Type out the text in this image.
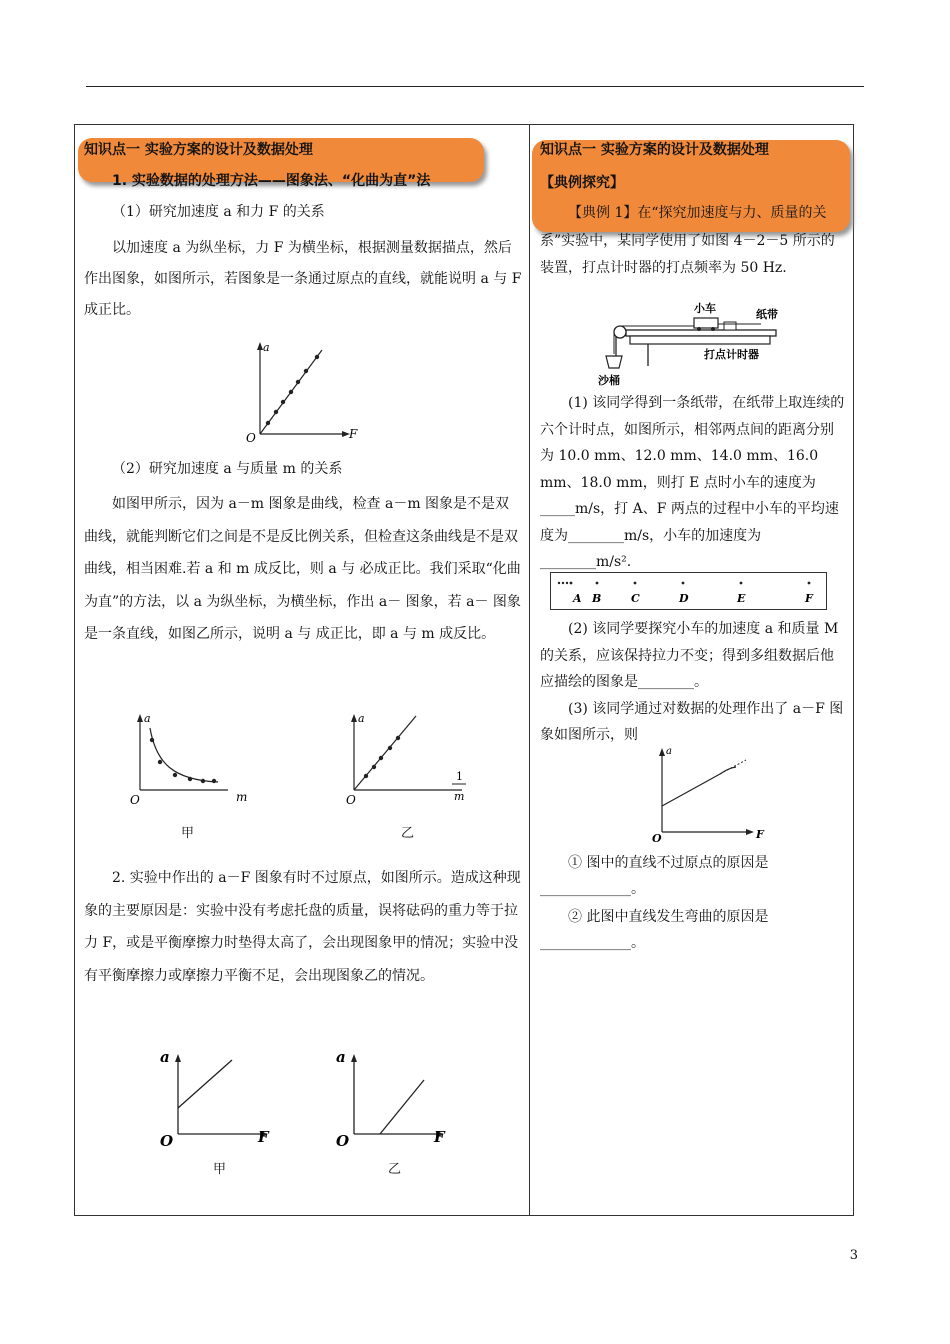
知识点一 实验方案的设计及数据处理

1. 实验数据的处理方法——图象法、“化曲为直”法

（1）研究加速度 a 和力 F 的关系

以加速度 a 为纵坐标，力 F 为横坐标，根据测量数据描点，然后作出图象，如图所示，若图象是一条通过原点的直线，就能说明 a 与 F 成正比。

（2）研究加速度 a 与质量 m 的关系

如图甲所示，因为 a－m 图象是曲线，检查 a－m 图象是不是双曲线，就能判断它们之间是不是反比例关系，但检查这条曲线是不是双曲线，相当困难.若 a 和 m 成反比，则 a 与 必成正比。我们采取“化曲为直”的方法，以 a 为纵坐标，为横坐标，作出 a－ 图象，若 a－ 图象是一条直线，如图乙所示，说明 a 与 成正比，即 a 与 m 成反比。

2. 实验中作出的 a－F 图象有时不过原点，如图所示。造成这种现象的主要原因是：实验中没有考虑托盘的质量，误将砝码的重力等于拉力 F，或是平衡摩擦力时垫得太高了，会出现图象甲的情况；实验中没有平衡摩擦力或摩擦力平衡不足，会出现图象乙的情况。

a
O	F
a
O	m
甲
a
O
1
m
乙
a
O	F
甲
a
O	F
乙

知识点一 实验方案的设计及数据处理

【典例探究】

【典例 1】在“探究加速度与力、质量的关系”实验中，某同学使用了如图 4－2－5 所示的装置，打点计时器的打点频率为 50 Hz.

小车	纸带
打点计时器
沙桶

(1) 该同学得到一条纸带，在纸带上取连续的六个计时点，如图所示，相邻两点间的距离分别为 10.0 mm、12.0 mm、14.0 mm、16.0 mm、18.0 mm，则打 E 点时小车的速度为_____m/s，打 A、F 两点的过程中小车的平均速度为________m/s，小车的加速度为________m/s².

A B	C	D	E	F

(2) 该同学要探究小车的加速度 a 和质量 M 的关系，应该保持拉力不变；得到多组数据后他应描绘的图象是________。

(3) 该同学通过对数据的处理作出了 a－F 图象如图所示，则

a
O	F

① 图中的直线不过原点的原因是_____________。

② 此图中直线发生弯曲的原因是_____________。

3
